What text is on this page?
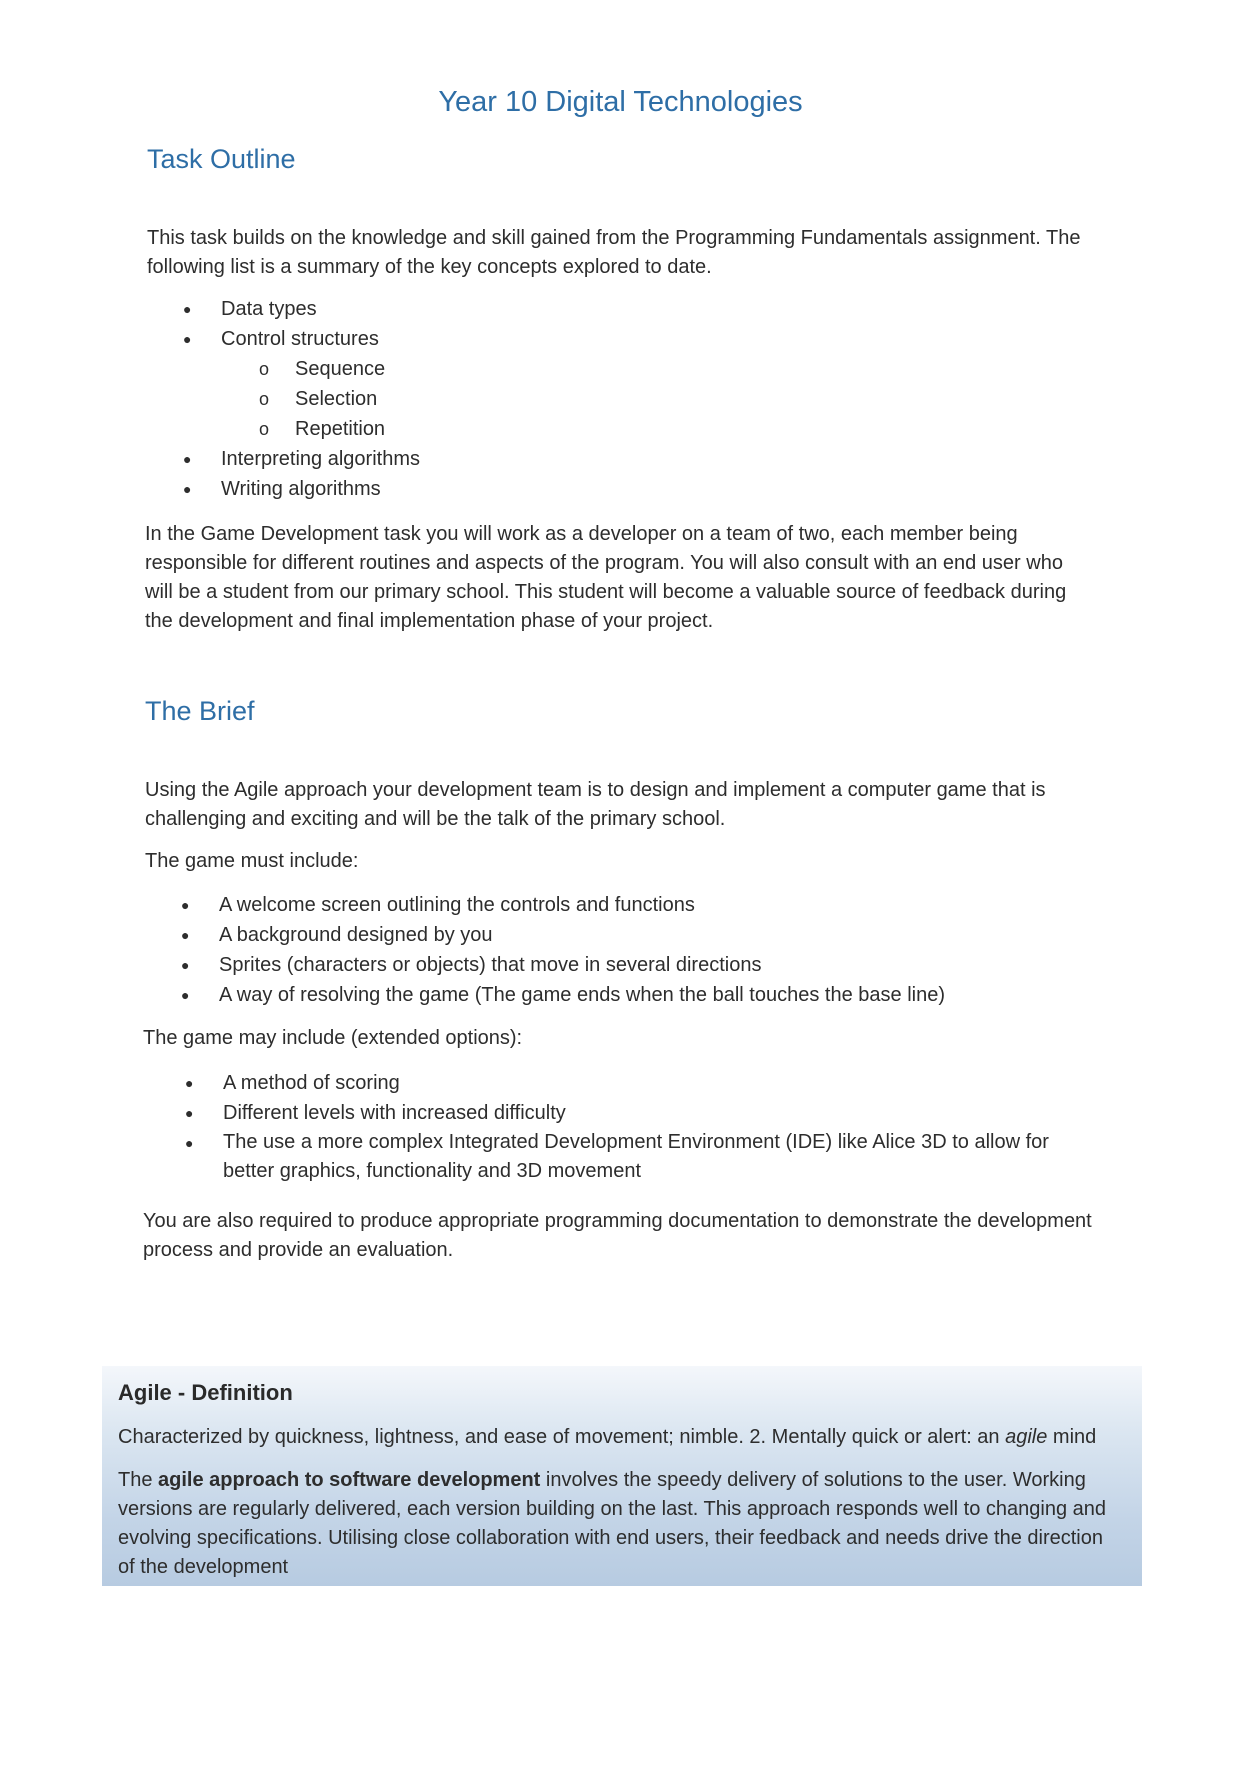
Year 10 Digital Technologies
Task Outline

This task builds on the knowledge and skill gained from the Programming Fundamentals assignment. The following list is a summary of the key concepts explored to date.

● Data types
● Control structures
o Sequence
o Selection
o Repetition
● Interpreting algorithms
● Writing algorithms

In the Game Development task you will work as a developer on a team of two, each member being responsible for different routines and aspects of the program. You will also consult with an end user who will be a student from our primary school. This student will become a valuable source of feedback during the development and final implementation phase of your project.

The Brief

Using the Agile approach your development team is to design and implement a computer game that is challenging and exciting and will be the talk of the primary school.

The game must include:

● A welcome screen outlining the controls and functions
● A background designed by you
● Sprites (characters or objects) that move in several directions
● A way of resolving the game (The game ends when the ball touches the base line)

The game may include (extended options):

● A method of scoring
● Different levels with increased difficulty
● The use a more complex Integrated Development Environment (IDE) like Alice 3D to allow for better graphics, functionality and 3D movement

You are also required to produce appropriate programming documentation to demonstrate the development process and provide an evaluation.

Agile - Definition
Characterized by quickness, lightness, and ease of movement; nimble. 2. Mentally quick or alert: an agile mind
The agile approach to software development involves the speedy delivery of solutions to the user. Working versions are regularly delivered, each version building on the last. This approach responds well to changing and evolving specifications. Utilising close collaboration with end users, their feedback and needs drive the direction of the development
